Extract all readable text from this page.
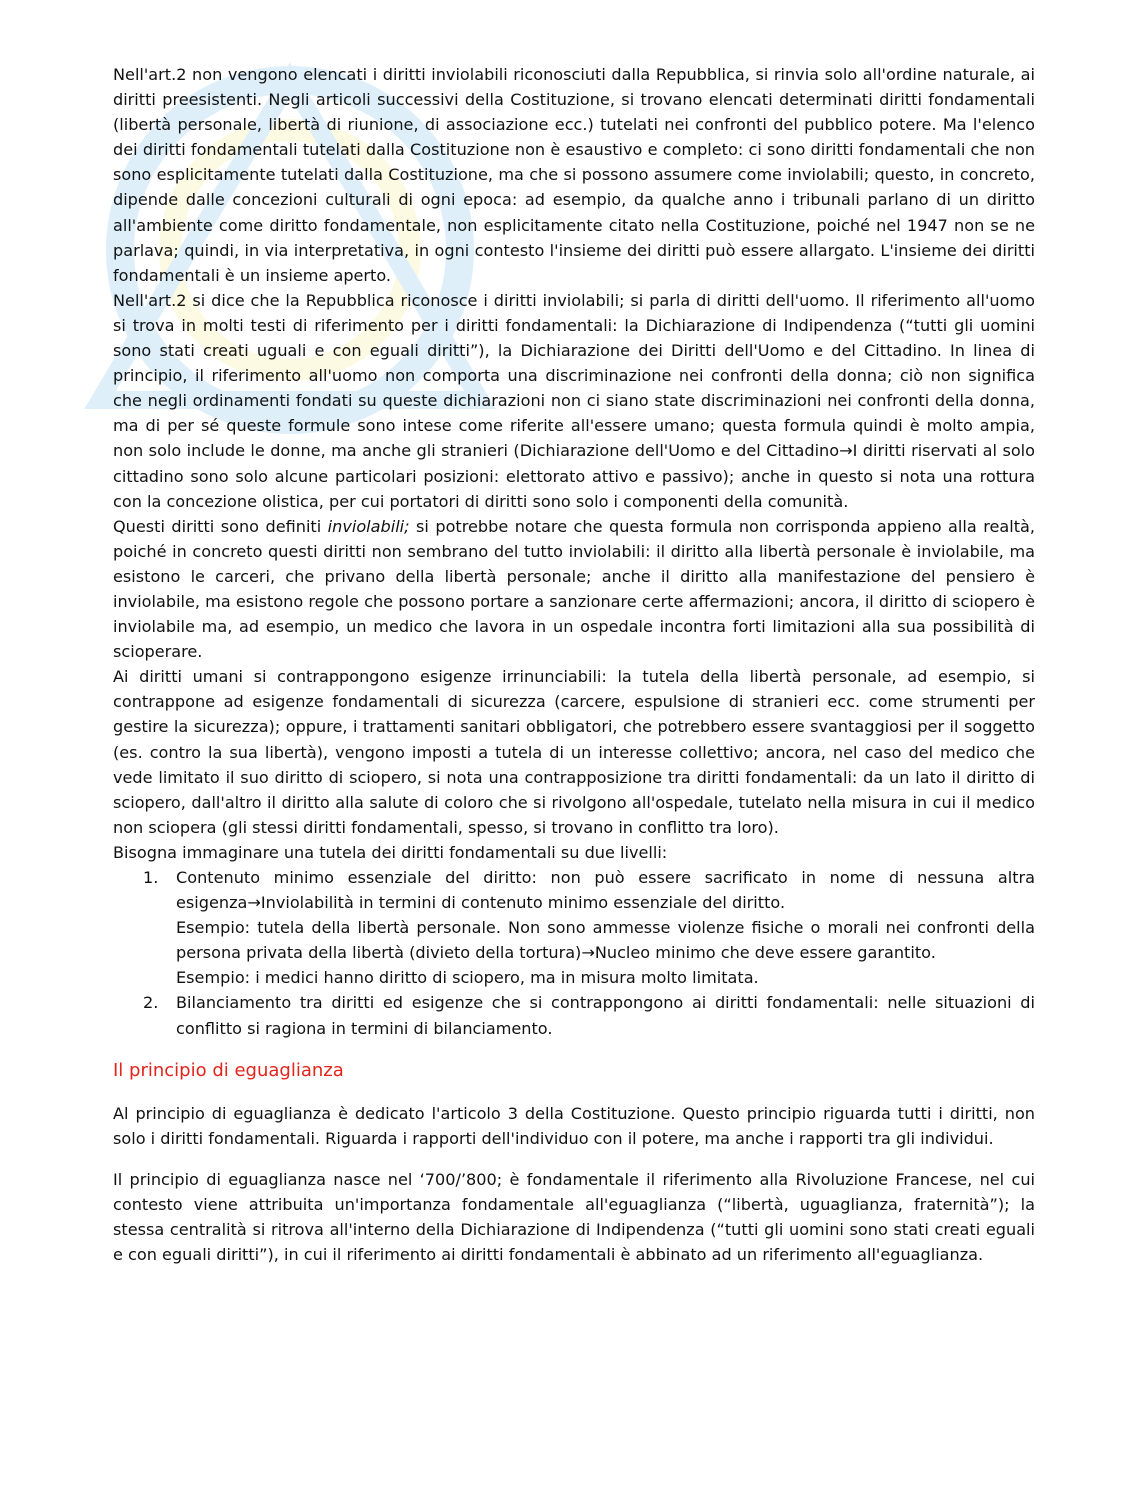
Nell'art.2 non vengono elencati i diritti inviolabili riconosciuti dalla Repubblica, si rinvia solo all'ordine naturale, ai diritti preesistenti. Negli articoli successivi della Costituzione, si trovano elencati determinati diritti fondamentali (libertà personale, libertà di riunione, di associazione ecc.) tutelati nei confronti del pubblico potere. Ma l'elenco dei diritti fondamentali tutelati dalla Costituzione non è esaustivo e completo: ci sono diritti fondamentali che non sono esplicitamente tutelati dalla Costituzione, ma che si possono assumere come inviolabili; questo, in concreto, dipende dalle concezioni culturali di ogni epoca: ad esempio, da qualche anno i tribunali parlano di un diritto all'ambiente come diritto fondamentale, non esplicitamente citato nella Costituzione, poiché nel 1947 non se ne parlava; quindi, in via interpretativa, in ogni contesto l'insieme dei diritti può essere allargato. L'insieme dei diritti fondamentali è un insieme aperto.

Nell'art.2 si dice che la Repubblica riconosce i diritti inviolabili; si parla di diritti dell'uomo. Il riferimento all'uomo si trova in molti testi di riferimento per i diritti fondamentali: la Dichiarazione di Indipendenza (“tutti gli uomini sono stati creati uguali e con eguali diritti”), la Dichiarazione dei Diritti dell'Uomo e del Cittadino. In linea di principio, il riferimento all'uomo non comporta una discriminazione nei confronti della donna; ciò non significa che negli ordinamenti fondati su queste dichiarazioni non ci siano state discriminazioni nei confronti della donna, ma di per sé queste formule sono intese come riferite all'essere umano; questa formula quindi è molto ampia, non solo include le donne, ma anche gli stranieri (Dichiarazione dell'Uomo e del Cittadino→I diritti riservati al solo cittadino sono solo alcune particolari posizioni: elettorato attivo e passivo); anche in questo si nota una rottura con la concezione olistica, per cui portatori di diritti sono solo i componenti della comunità.

Questi diritti sono definiti inviolabili; si potrebbe notare che questa formula non corrisponda appieno alla realtà, poiché in concreto questi diritti non sembrano del tutto inviolabili: il diritto alla libertà personale è inviolabile, ma esistono le carceri, che privano della libertà personale; anche il diritto alla manifestazione del pensiero è inviolabile, ma esistono regole che possono portare a sanzionare certe affermazioni; ancora, il diritto di sciopero è inviolabile ma, ad esempio, un medico che lavora in un ospedale incontra forti limitazioni alla sua possibilità di scioperare.

Ai diritti umani si contrappongono esigenze irrinunciabili: la tutela della libertà personale, ad esempio, si contrappone ad esigenze fondamentali di sicurezza (carcere, espulsione di stranieri ecc. come strumenti per gestire la sicurezza); oppure, i trattamenti sanitari obbligatori, che potrebbero essere svantaggiosi per il soggetto (es. contro la sua libertà), vengono imposti a tutela di un interesse collettivo; ancora, nel caso del medico che vede limitato il suo diritto di sciopero, si nota una contrapposizione tra diritti fondamentali: da un lato il diritto di sciopero, dall'altro il diritto alla salute di coloro che si rivolgono all'ospedale, tutelato nella misura in cui il medico non sciopera (gli stessi diritti fondamentali, spesso, si trovano in conflitto tra loro).

Bisogna immaginare una tutela dei diritti fondamentali su due livelli:

1. Contenuto minimo essenziale del diritto: non può essere sacrificato in nome di nessuna altra esigenza→Inviolabilità in termini di contenuto minimo essenziale del diritto.

Esempio: tutela della libertà personale. Non sono ammesse violenze fisiche o morali nei confronti della persona privata della libertà (divieto della tortura)→Nucleo minimo che deve essere garantito.

Esempio: i medici hanno diritto di sciopero, ma in misura molto limitata.

2. Bilanciamento tra diritti ed esigenze che si contrappongono ai diritti fondamentali: nelle situazioni di conflitto si ragiona in termini di bilanciamento.

Il principio di eguaglianza

Al principio di eguaglianza è dedicato l'articolo 3 della Costituzione. Questo principio riguarda tutti i diritti, non solo i diritti fondamentali. Riguarda i rapporti dell'individuo con il potere, ma anche i rapporti tra gli individui.

Il principio di eguaglianza nasce nel ‘700/’800; è fondamentale il riferimento alla Rivoluzione Francese, nel cui contesto viene attribuita un'importanza fondamentale all'eguaglianza (“libertà, uguaglianza, fraternità”); la stessa centralità si ritrova all'interno della Dichiarazione di Indipendenza (“tutti gli uomini sono stati creati eguali e con eguali diritti”), in cui il riferimento ai diritti fondamentali è abbinato ad un riferimento all'eguaglianza.
